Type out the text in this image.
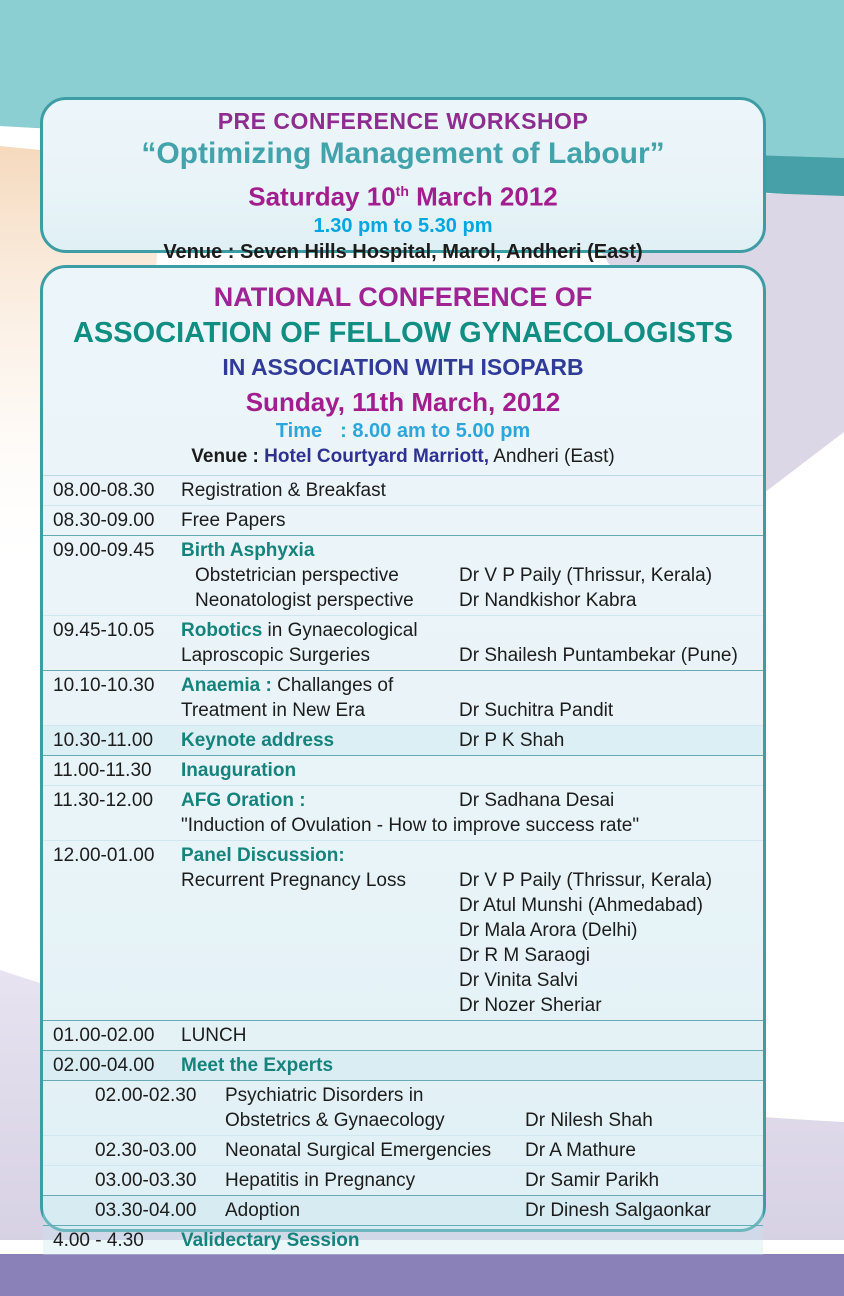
PRE CONFERENCE WORKSHOP
“Optimizing Management of Labour”
Saturday 10th March 2012
1.30 pm to 5.30 pm
Venue : Seven Hills Hospital, Marol, Andheri (East)
NATIONAL CONFERENCE OF
ASSOCIATION OF FELLOW GYNAECOLOGISTS
IN ASSOCIATION WITH ISOPARB
Sunday, 11th March, 2012
Time : 8.00 am to 5.00 pm
Venue : Hotel Courtyard Marriott, Andheri (East)
08.00-08.30	Registration & Breakfast
08.30-09.00	Free Papers
09.00-09.45	Birth Asphyxia
Obstetrician perspective	Dr V P Paily (Thrissur, Kerala)
Neonatologist perspective	Dr Nandkishor Kabra
09.45-10.05	Robotics in Gynaecological
Laproscopic Surgeries	Dr Shailesh Puntambekar (Pune)
10.10-10.30	Anaemia : Challanges of
Treatment in New Era	Dr Suchitra Pandit
10.30-11.00	Keynote address	Dr P K Shah
11.00-11.30	Inauguration
11.30-12.00	AFG Oration :	Dr Sadhana Desai
"Induction of Ovulation - How to improve success rate"
12.00-01.00	Panel Discussion:
Recurrent Pregnancy Loss	Dr V P Paily (Thrissur, Kerala)
Dr Atul Munshi (Ahmedabad)
Dr Mala Arora (Delhi)
Dr R M Saraogi
Dr Vinita Salvi
Dr Nozer Sheriar
01.00-02.00	LUNCH
02.00-04.00	Meet the Experts
02.00-02.30	Psychiatric Disorders in
Obstetrics & Gynaecology	Dr Nilesh Shah
02.30-03.00	Neonatal Surgical Emergencies	Dr A Mathure
03.00-03.30	Hepatitis in Pregnancy	Dr Samir Parikh
03.30-04.00	Adoption	Dr Dinesh Salgaonkar
4.00 - 4.30	Validectary Session
